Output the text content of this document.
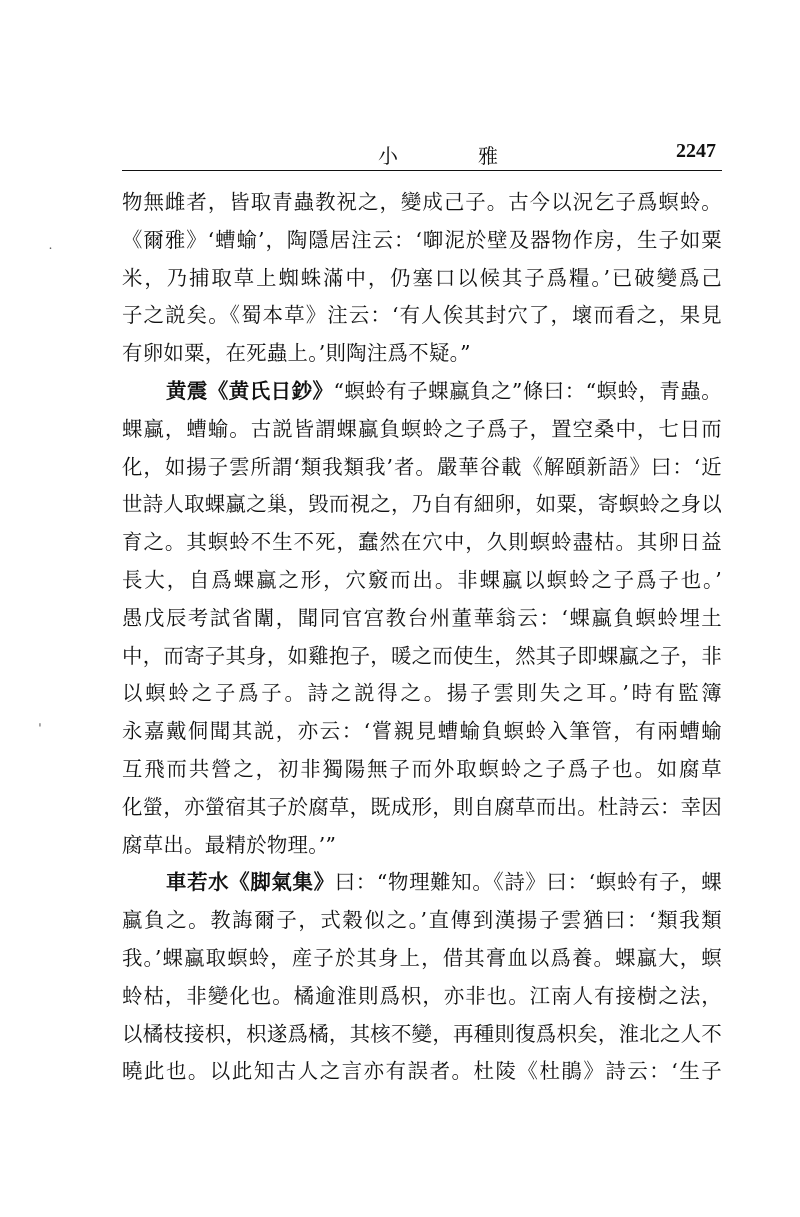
小　雅	2247
˙
ˈ
物無雌者，皆取青蟲教祝之，變成己子。古今以況乞子爲螟蛉。
《爾雅》‘螬蝓’，陶隱居注云：‘啣泥於壁及器物作房，生子如粟
米，乃捕取草上蜘蛛滿中，仍塞口以候其子爲糧。’已破變爲己
子之説矣。《蜀本草》注云：‘有人俟其封穴了，壞而看之，果見
有卵如粟，在死蟲上。’則陶注爲不疑。”
黄震《黄氏日鈔》“螟蛉有子蜾蠃負之”條曰：“螟蛉，青蟲。
蜾蠃，螬蝓。古説皆謂蜾蠃負螟蛉之子爲子，置空桑中，七日而
化，如揚子雲所謂‘類我類我’者。嚴華谷載《解頤新語》曰：‘近
世詩人取蜾蠃之巢，毁而視之，乃自有細卵，如粟，寄螟蛉之身以
育之。其螟蛉不生不死，蠢然在穴中，久則螟蛉盡枯。其卵日益
長大，自爲蜾蠃之形，穴竅而出。非蜾蠃以螟蛉之子爲子也。’
愚戊辰考試省闈，聞同官宫教台州董華翁云：‘蜾蠃負螟蛉埋土
中，而寄子其身，如雞抱子，暖之而使生，然其子即蜾蠃之子，非
以螟蛉之子爲子。詩之説得之。揚子雲則失之耳。’時有監簿
永嘉戴侗聞其説，亦云：‘嘗親見螬蝓負螟蛉入筆管，有兩螬蝓
互飛而共營之，初非獨陽無子而外取螟蛉之子爲子也。如腐草
化螢，亦螢宿其子於腐草，既成形，則自腐草而出。杜詩云：幸因
腐草出。最精於物理。’”
車若水《脚氣集》曰：“物理難知。《詩》曰：‘螟蛉有子，蜾
蠃負之。教誨爾子，式穀似之。’直傳到漢揚子雲猶曰：‘類我類
我。’蜾蠃取螟蛉，産子於其身上，借其膏血以爲養。蜾蠃大，螟
蛉枯，非變化也。橘逾淮則爲枳，亦非也。江南人有接樹之法，
以橘枝接枳，枳遂爲橘，其核不變，再種則復爲枳矣，淮北之人不
曉此也。以此知古人之言亦有誤者。杜陵《杜鵑》詩云：‘生子
